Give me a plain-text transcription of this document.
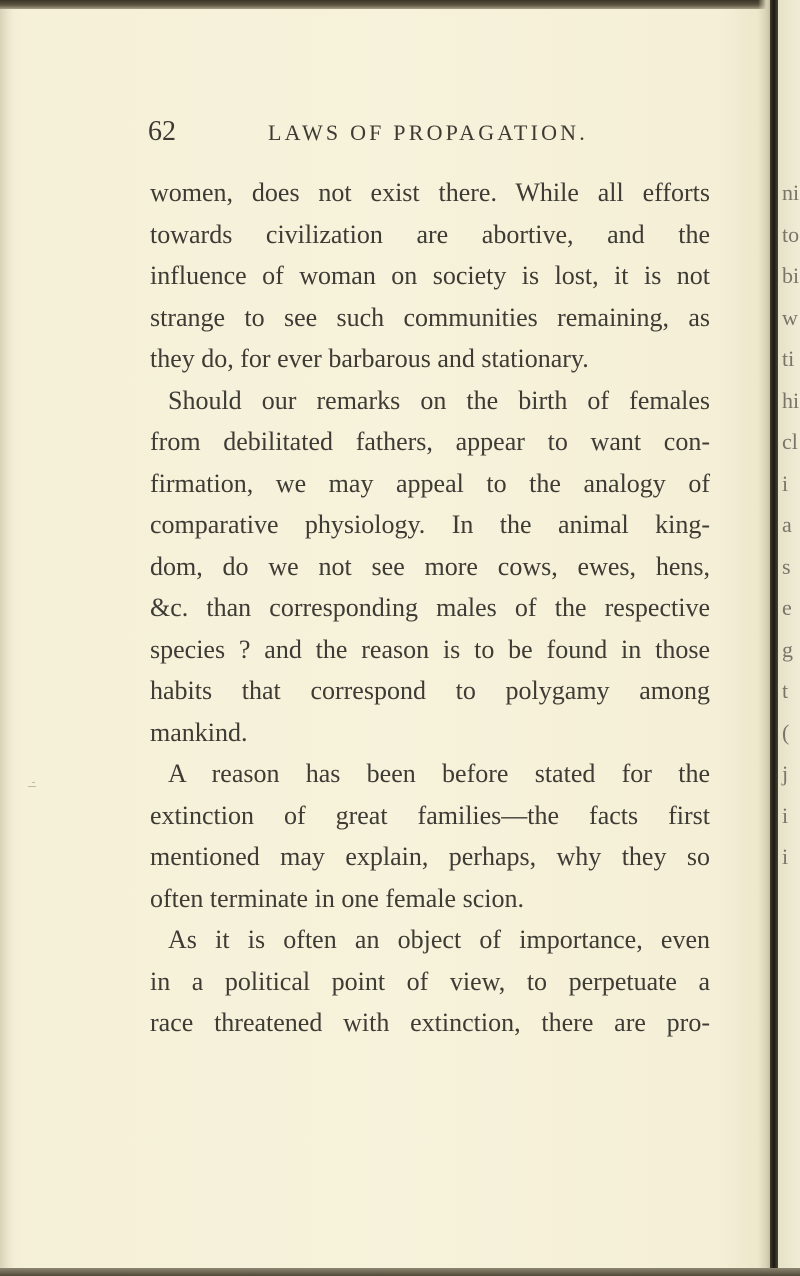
62	LAWS OF PROPAGATION.
women, does not exist there. While all efforts
towards civilization are abortive, and the
influence of woman on society is lost, it is not
strange to see such communities remaining, as
they do, for ever barbarous and stationary.
Should our remarks on the birth of females
from debilitated fathers, appear to want con-
firmation, we may appeal to the analogy of
comparative physiology. In the animal king-
dom, do we not see more cows, ewes, hens,
&c. than corresponding males of the respective
species ? and the reason is to be found in those
habits that correspond to polygamy among
mankind.
A reason has been before stated for the
extinction of great families—the facts first
mentioned may explain, perhaps, why they so
often terminate in one female scion.
As it is often an object of importance, even
in a political point of view, to perpetuate a
race threatened with extinction, there are pro-
ni
to
bi
w
ti
hi
cl
i
a
s
e
g
t
(
j
i
i
